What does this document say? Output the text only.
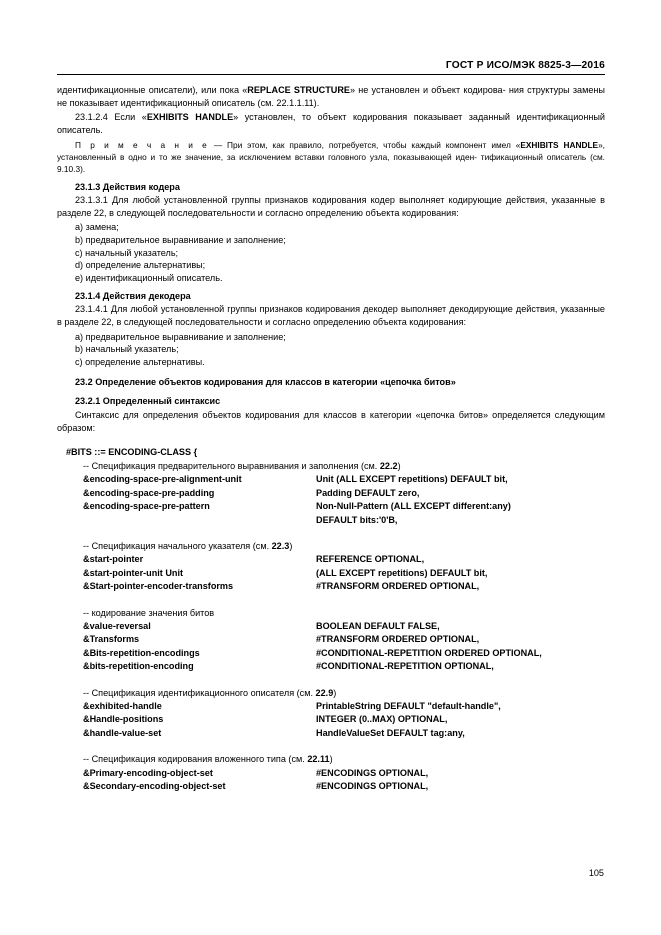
ГОСТ Р ИСО/МЭК 8825-3—2016

идентификационные описатели), или пока «REPLACE STRUCTURE» не установлен и объект кодирова- ния структуры замены не показывает идентификационный описатель (см. 22.1.1.11).

23.1.2.4 Если «EXHIBITS HANDLE» установлен, то объект кодирования показывает заданный идентификационный описатель.

П р и м е ч а н и е — При этом, как правило, потребуется, чтобы каждый компонент имел «EXHIBITS HANDLE», установленный в одно и то же значение, за исключением вставки головного узла, показывающей иден- тификационный описатель (см. 9.10.3).

23.1.3 Действия кодера

23.1.3.1 Для любой установленной группы признаков кодирования кодер выполняет кодирующие действия, указанные в разделе 22, в следующей последовательности и согласно определению объекта кодирования:

a) замена;

b) предварительное выравнивание и заполнение;

c) начальный указатель;

d) определение альтернативы;

e) идентификационный описатель.

23.1.4 Действия декодера

23.1.4.1 Для любой установленной группы признаков кодирования декодер выполняет декодирующие действия, указанные в разделе 22, в следующей последовательности и согласно определению объекта кодирования:

a) предварительное выравнивание и заполнение;

b) начальный указатель;

c) определение альтернативы.

23.2 Определение объектов кодирования для классов в категории «цепочка битов»
23.2.1 Определенный синтаксис

Синтаксис для определения объектов кодирования для классов в категории «цепочка битов» определяется следующим образом:

#BITS ::= ENCODING-CLASS {
-- Спецификация предварительного выравнивания и заполнения (см. 22.2 )
&encoding-space-pre-alignment-unit	Unit (ALL EXCEPT repetitions) DEFAULT bit,
&encoding-space-pre-padding	Padding DEFAULT zero,
&encoding-space-pre-pattern	Non-Null-Pattern (ALL EXCEPT different:any)
DEFAULT bits:'0'B,
-- Спецификация начального указателя (см. 22.3 )
&start-pointer	REFERENCE OPTIONAL,
&start-pointer-unit Unit	(ALL EXCEPT repetitions) DEFAULT bit,
&Start-pointer-encoder-transforms	#TRANSFORM ORDERED OPTIONAL,
-- кодирование значения битов
&value-reversal	BOOLEAN DEFAULT FALSE,
&Transforms	#TRANSFORM ORDERED OPTIONAL,
&Bits-repetition-encodings	#CONDITIONAL-REPETITION ORDERED OPTIONAL,
&bits-repetition-encoding	#CONDITIONAL-REPETITION OPTIONAL,
-- Спецификация идентификационного описателя (см. 22.9 )
&exhibited-handle	PrintableString DEFAULT "default-handle",
&Handle-positions	INTEGER (0..MAX) OPTIONAL,
&handle-value-set	HandleValueSet DEFAULT tag:any,
-- Спецификация кодирования вложенного типа (см. 22.11 )
&Primary-encoding-object-set	#ENCODINGS OPTIONAL,
&Secondary-encoding-object-set	#ENCODINGS OPTIONAL,
105
